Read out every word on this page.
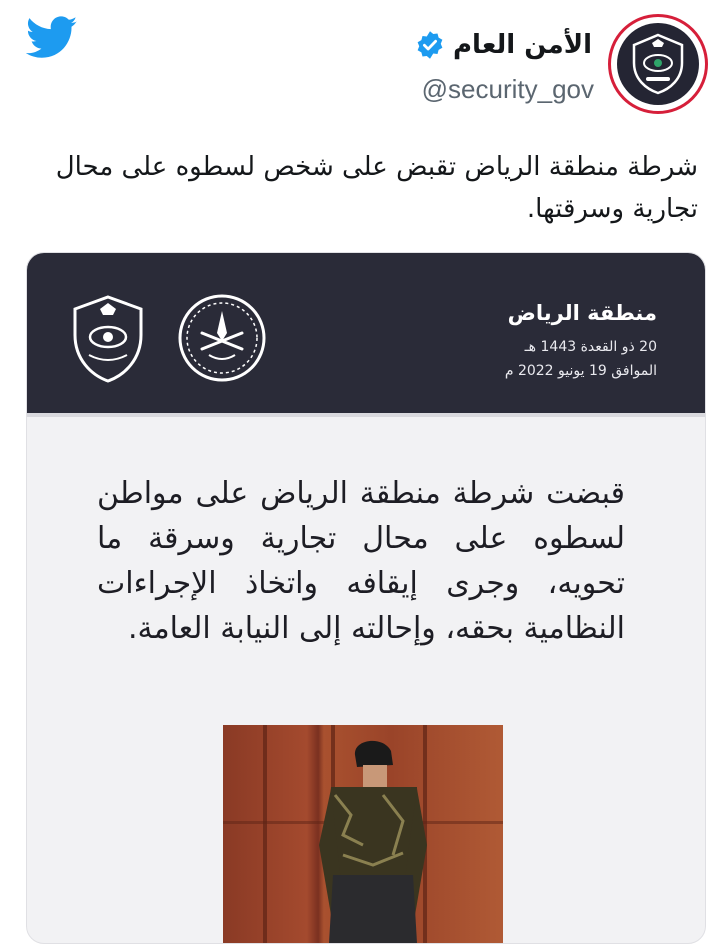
الأمن العام
@security_gov
شرطة منطقة الرياض تقبض على شخص لسطوه على محال تجارية وسرقتها.
منطقة الرياض
20 ذو القعدة 1443 هـ
الموافق 19 يونيو 2022 م
قبضت شرطة منطقة الرياض على مواطن لسطوه على محال تجارية وسرقة ما تحويه، وجرى إيقافه واتخاذ الإجراءات النظامية بحقه، وإحالته إلى النيابة العامة.
